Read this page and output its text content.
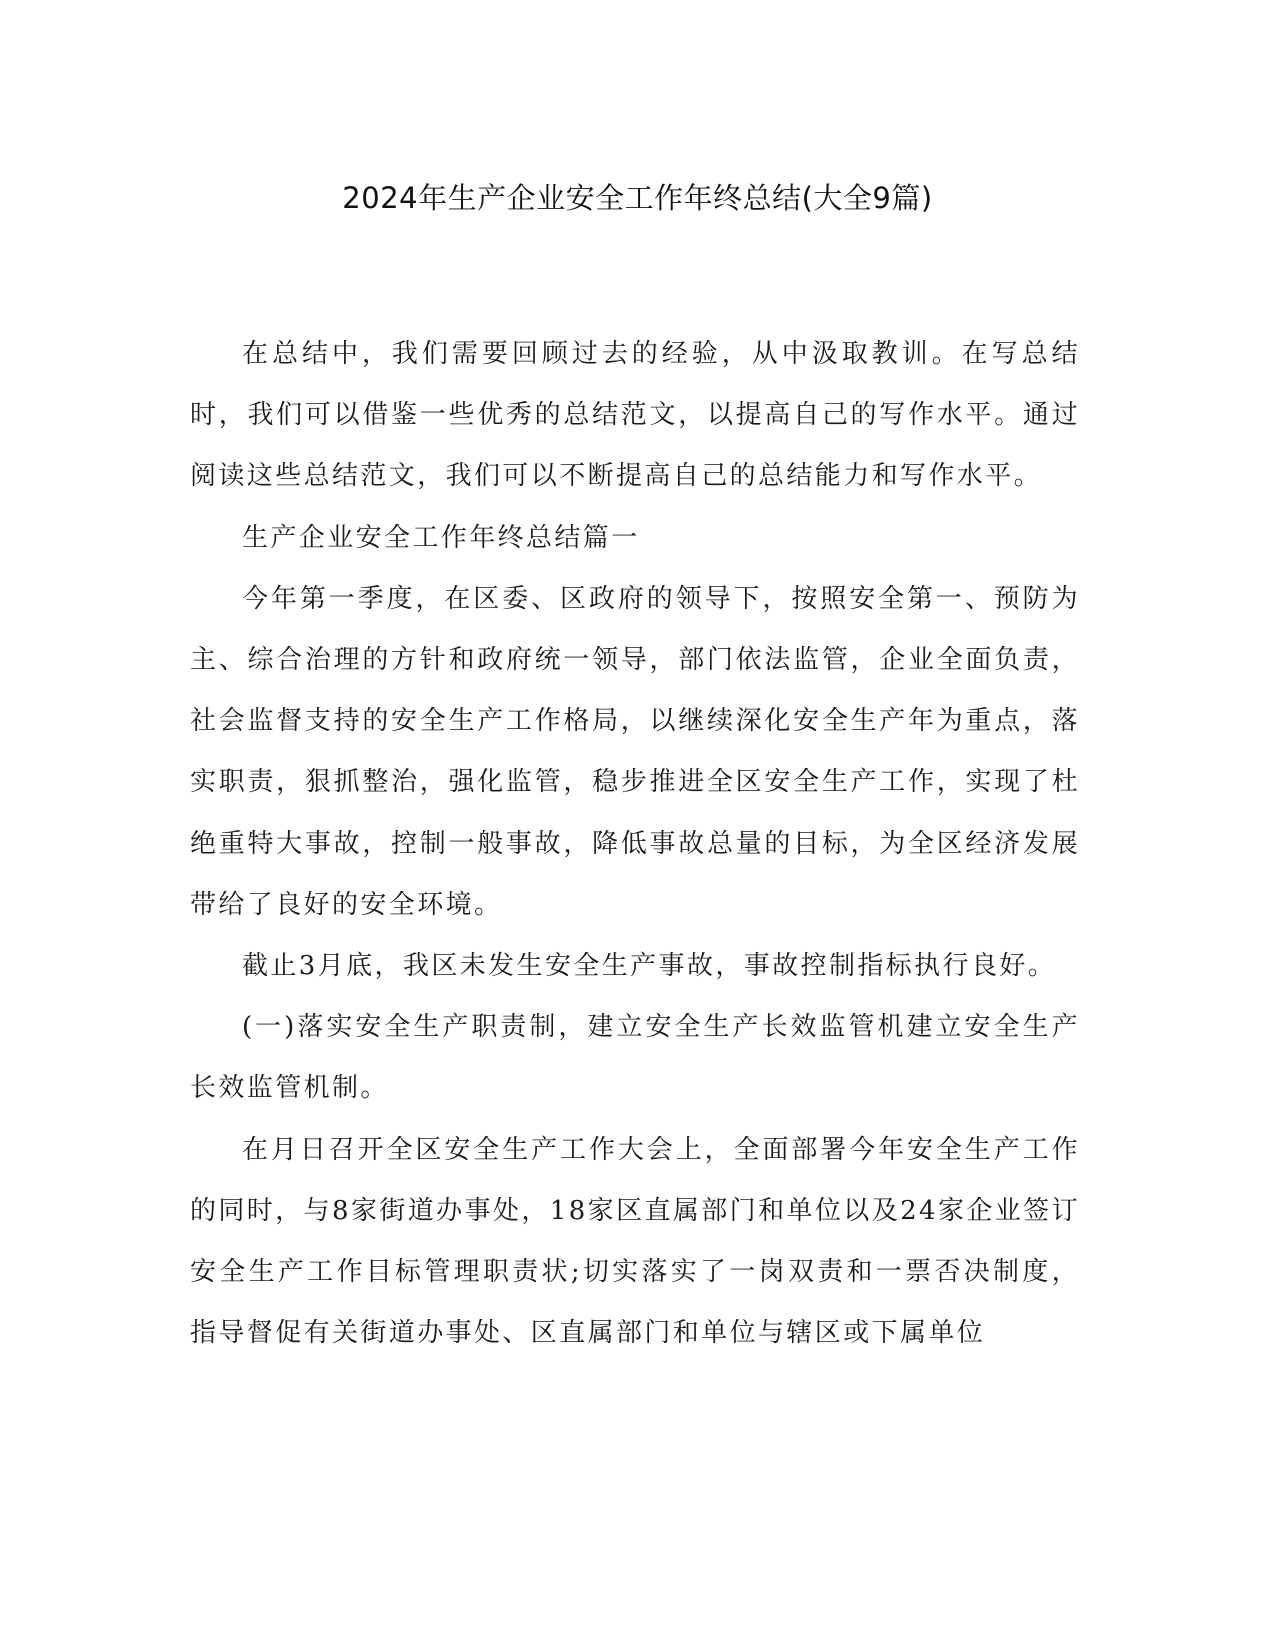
2024年生产企业安全工作年终总结(大全9篇)

在总结中，我们需要回顾过去的经验，从中汲取教训。在写总结时，我们可以借鉴一些优秀的总结范文，以提高自己的写作水平。通过阅读这些总结范文，我们可以不断提高自己的总结能力和写作水平。

生产企业安全工作年终总结篇一

今年第一季度，在区委、区政府的领导下，按照安全第一、预防为主、综合治理的方针和政府统一领导，部门依法监管，企业全面负责，社会监督支持的安全生产工作格局，以继续深化安全生产年为重点，落实职责，狠抓整治，强化监管，稳步推进全区安全生产工作，实现了杜绝重特大事故，控制一般事故，降低事故总量的目标，为全区经济发展带给了良好的安全环境。

截止3月底，我区未发生安全生产事故，事故控制指标执行良好。

(一)落实安全生产职责制，建立安全生产长效监管机建立安全生产长效监管机制。

在月日召开全区安全生产工作大会上，全面部署今年安全生产工作的同时，与8家街道办事处，18家区直属部门和单位以及24家企业签订安全生产工作目标管理职责状;切实落实了一岗双责和一票否决制度，指导督促有关街道办事处、区直属部门和单位与辖区或下属单位
